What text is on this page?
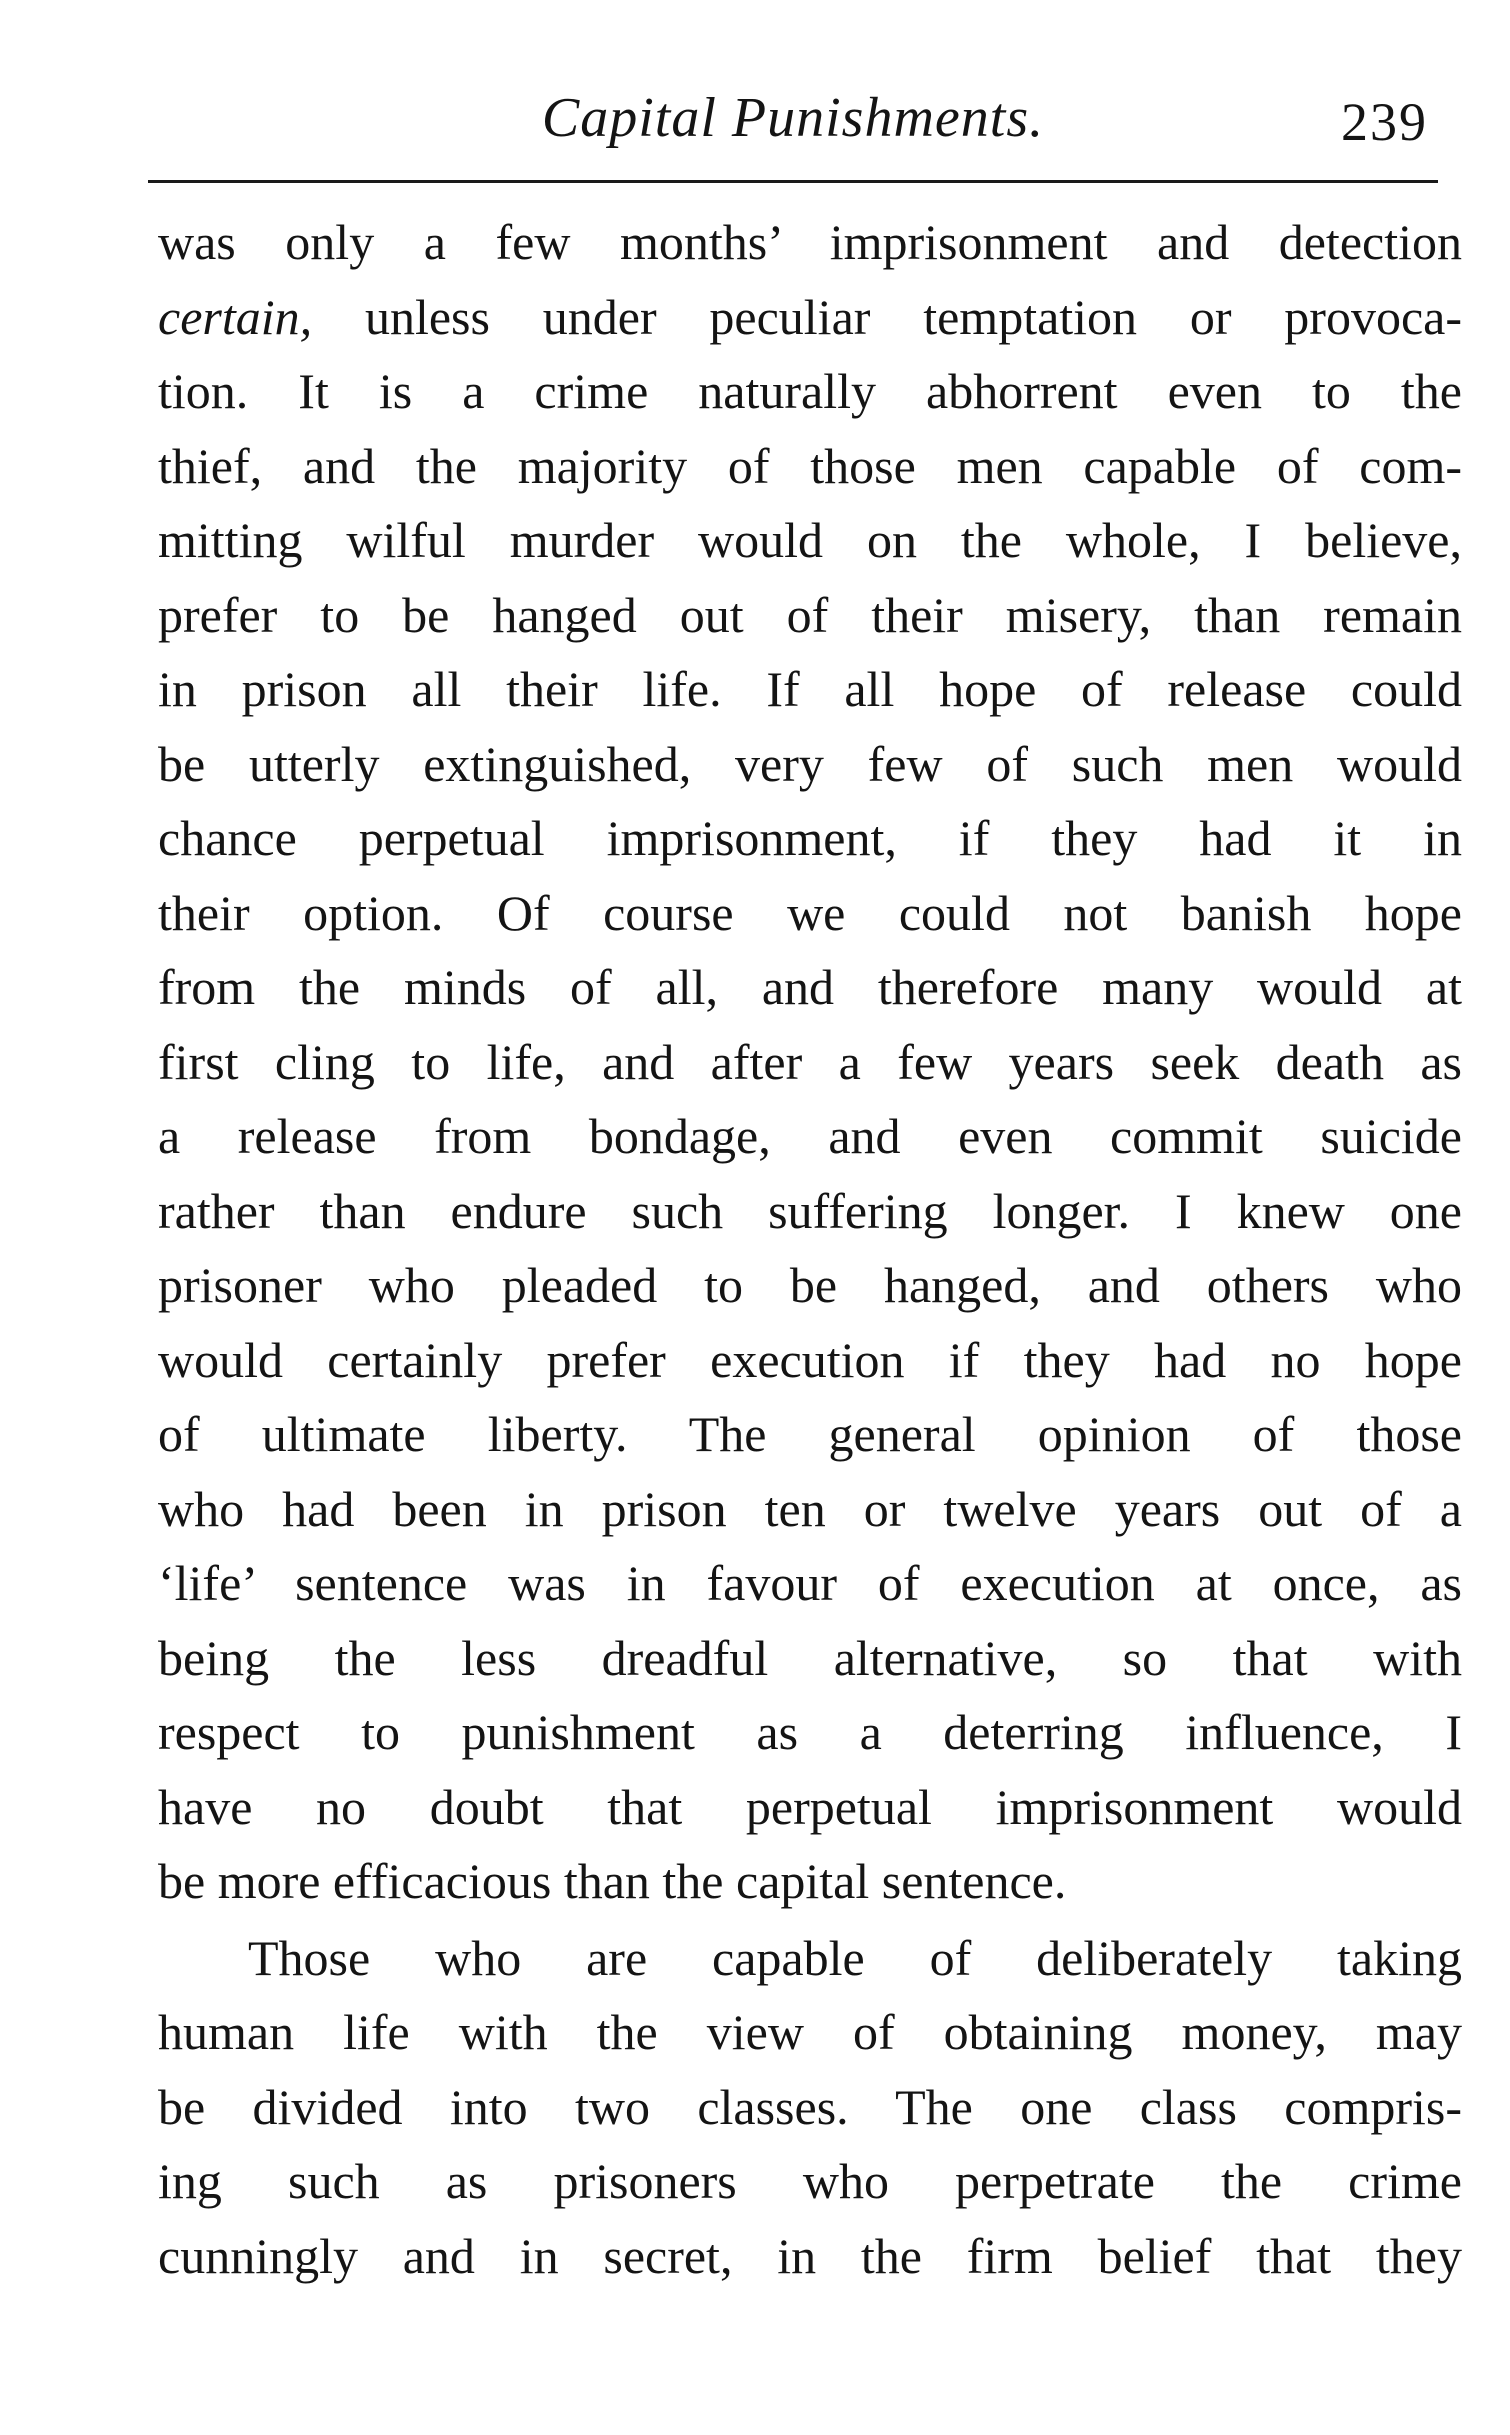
Capital Punishments.	239
was only a few months’ imprisonment and detection
certain, unless under peculiar temptation or provoca-
tion. It is a crime naturally abhorrent even to the
thief, and the majority of those men capable of com-
mitting wilful murder would on the whole, I believe,
prefer to be hanged out of their misery, than remain
in prison all their life. If all hope of release could
be utterly extinguished, very few of such men would
chance perpetual imprisonment, if they had it in
their option. Of course we could not banish hope
from the minds of all, and therefore many would at
first cling to life, and after a few years seek death as
a release from bondage, and even commit suicide
rather than endure such suffering longer. I knew one
prisoner who pleaded to be hanged, and others who
would certainly prefer execution if they had no hope
of ultimate liberty. The general opinion of those
who had been in prison ten or twelve years out of a
‘life’ sentence was in favour of execution at once, as
being the less dreadful alternative, so that with
respect to punishment as a deterring influence, I
have no doubt that perpetual imprisonment would
be more efficacious than the capital sentence.
Those who are capable of deliberately taking
human life with the view of obtaining money, may
be divided into two classes. The one class compris-
ing such as prisoners who perpetrate the crime
cunningly and in secret, in the firm belief that they
